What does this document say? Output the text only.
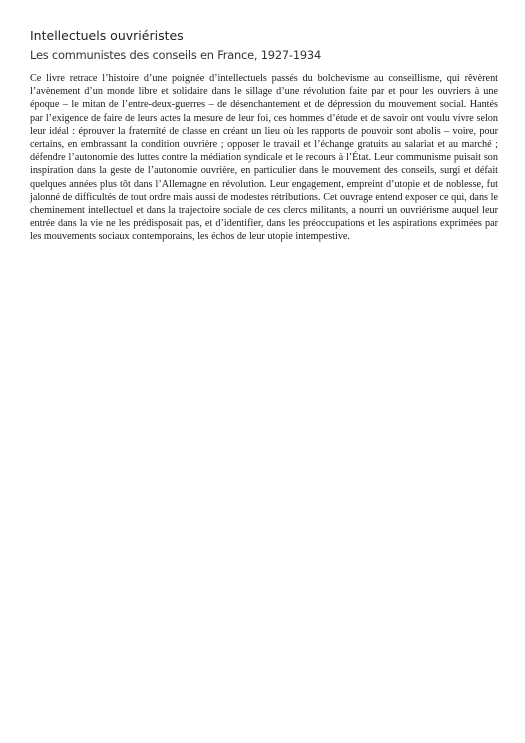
Intellectuels ouvriéristes
Les communistes des conseils en France, 1927-1934

Ce livre retrace l’histoire d’une poignée d’intellectuels passés du bolchevisme au conseillisme, qui rêvèrent l’avènement d’un monde libre et solidaire dans le sillage d’une révolution faite par et pour les ouvriers à une époque – le mitan de l’entre-deux-guerres – de désenchantement et de dépression du mouvement social. Hantés par l’exigence de faire de leurs actes la mesure de leur foi, ces hommes d’étude et de savoir ont voulu vivre selon leur idéal : éprouver la fraternité de classe en créant un lieu où les rapports de pouvoir sont abolis – voire, pour certains, en embrassant la condition ouvrière ; opposer le travail et l’échange gratuits au salariat et au marché ; défendre l’autonomie des luttes contre la médiation syndicale et le recours à l’État. Leur communisme puisait son inspiration dans la geste de l’autonomie ouvrière, en particulier dans le mouvement des conseils, surgi et défait quelques années plus tôt dans l’Allemagne en révolution. Leur engagement, empreint d’utopie et de noblesse, fut jalonné de difficultés de tout ordre mais aussi de modestes rétributions. Cet ouvrage entend exposer ce qui, dans le cheminement intellectuel et dans la trajectoire sociale de ces clercs militants, a nourri un ouvriérisme auquel leur entrée dans la vie ne les prédisposait pas, et d’identifier, dans les préoccupations et les aspirations exprimées par les mouvements sociaux contemporains, les échos de leur utopie intempestive.
